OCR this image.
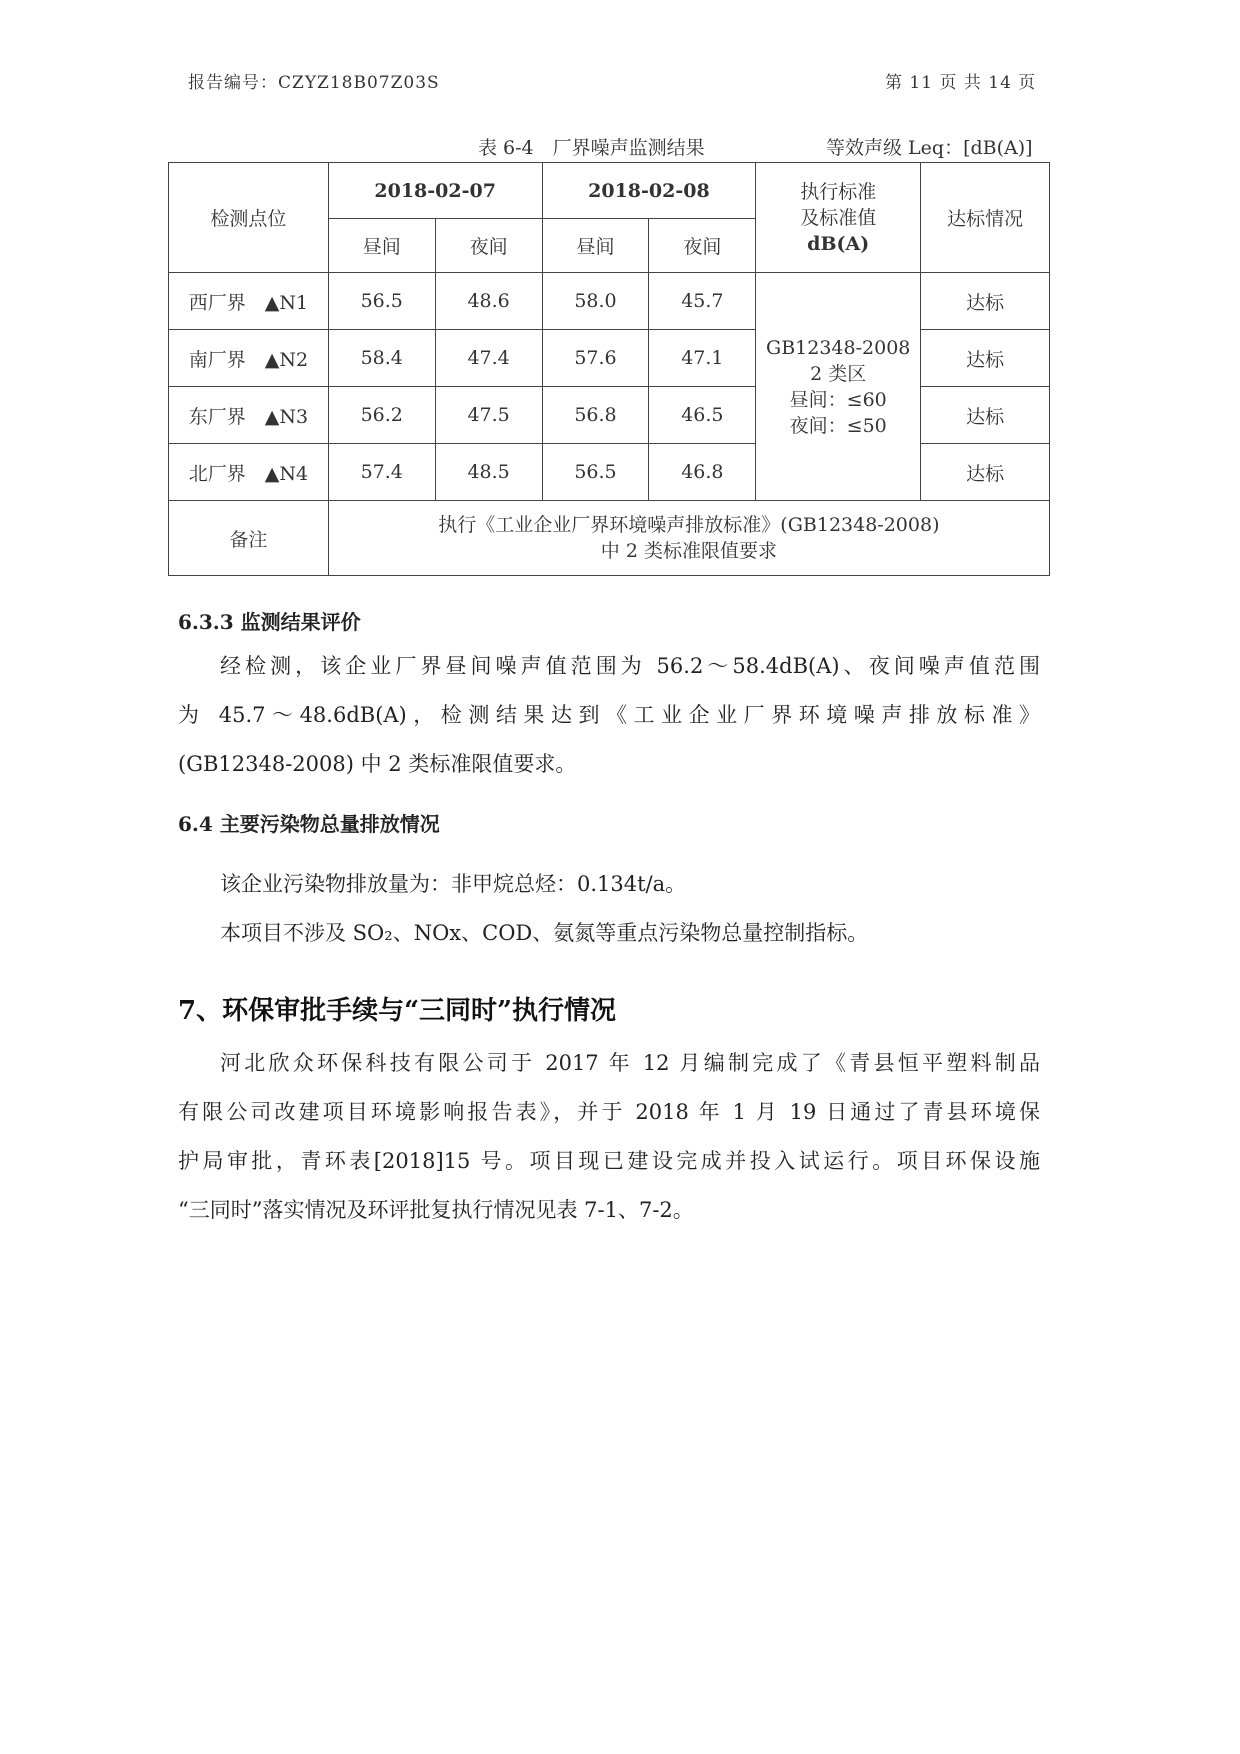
报告编号：CZYZ18B07Z03S	第 11 页 共 14 页
表 6-4　厂界噪声监测结果	等效声级 Leq：[dB(A)]
检测点位	2018-02-07		2018-02-08		执行标准
及标准值
dB(A)	达标情况
	昼间	夜间	昼间	夜间		
西厂界　▲N1	56.5	48.6	58.0	45.7	GB12348-2008
2 类区
昼间：≤60
夜间：≤50	达标
南厂界　▲N2	58.4	47.4	57.6	47.1		达标
东厂界　▲N3	56.2	47.5	56.8	46.5		达标
北厂界　▲N4	57.4	48.5	56.5	46.8		达标
备注	执行《工业企业厂界环境噪声排放标准》(GB12348-2008)
中 2 类标准限值要求					
6.3.3 监测结果评价

经检测，该企业厂界昼间噪声值范围为 56.2～58.4dB(A)、夜间噪声值范围

为 45.7～48.6dB(A)，检测结果达到《工业企业厂界环境噪声排放标准》

(GB12348-2008) 中 2 类标准限值要求。

6.4 主要污染物总量排放情况

该企业污染物排放量为：非甲烷总烃：0.134t/a。

本项目不涉及 SO₂、NOx、COD、氨氮等重点污染物总量控制指标。

7、环保审批手续与“三同时”执行情况

河北欣众环保科技有限公司于 2017 年 12 月编制完成了《青县恒平塑料制品

有限公司改建项目环境影响报告表》，并于 2018 年 1 月 19 日通过了青县环境保

护局审批，青环表[2018]15 号。项目现已建设完成并投入试运行。项目环保设施

“三同时”落实情况及环评批复执行情况见表 7-1、7-2。
